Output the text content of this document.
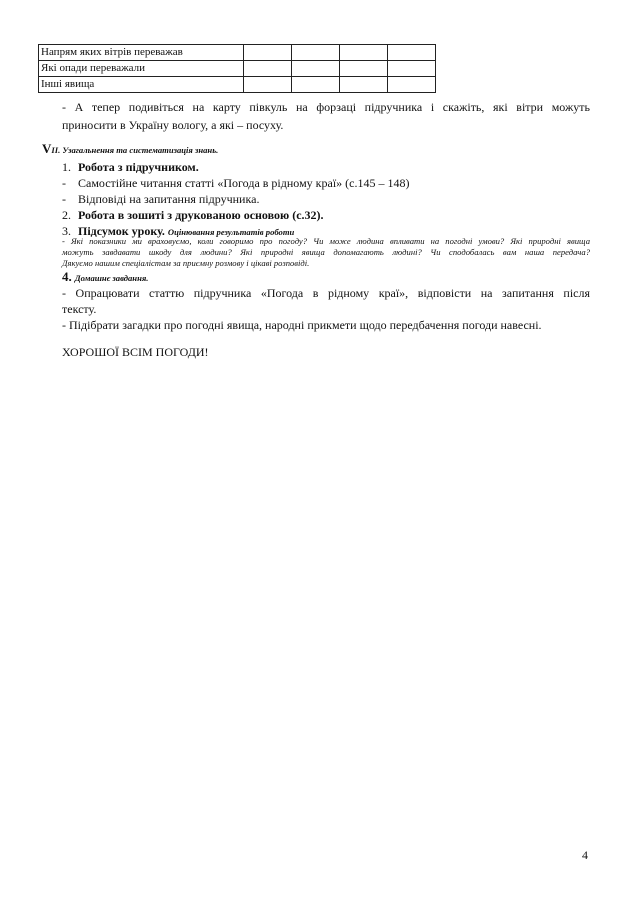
Напрям яких вітрів переважав				
Які опади переважали				
Інші явища				
- А тепер подивіться на карту півкуль на форзаці підручника і скажіть, які вітри можуть
приносити в Україну вологу, а які – посуху.
VII. Узагальнення та систематизація знань.
1. Робота з підручником.
- Самостійне читання статті «Погода в рідному краї» (с.145 – 148)
- Відповіді на запитання підручника.
2. Робота в зошиті з друкованою основою (с.32).
3. Підсумок уроку. Оцінювання результатів роботи
- Які показники ми враховуємо, коли говоримо про погоду? Чи може людина впливати на погодні умови? Які природні явища
можуть завдавати шкоду для людини? Які природні явища допомагають людині? Чи сподобалась вам наша передача?
Дякуємо нашим спеціалістам за приємну розмову і цікаві розповіді.
4. Домашнє завдання.
- Опрацювати статтю підручника «Погода в рідному краї», відповісти на запитання після
тексту.
- Підібрати загадки про погодні явища, народні прикмети щодо передбачення погоди навесні.
ХОРОШОЇ ВСІМ ПОГОДИ!
4
